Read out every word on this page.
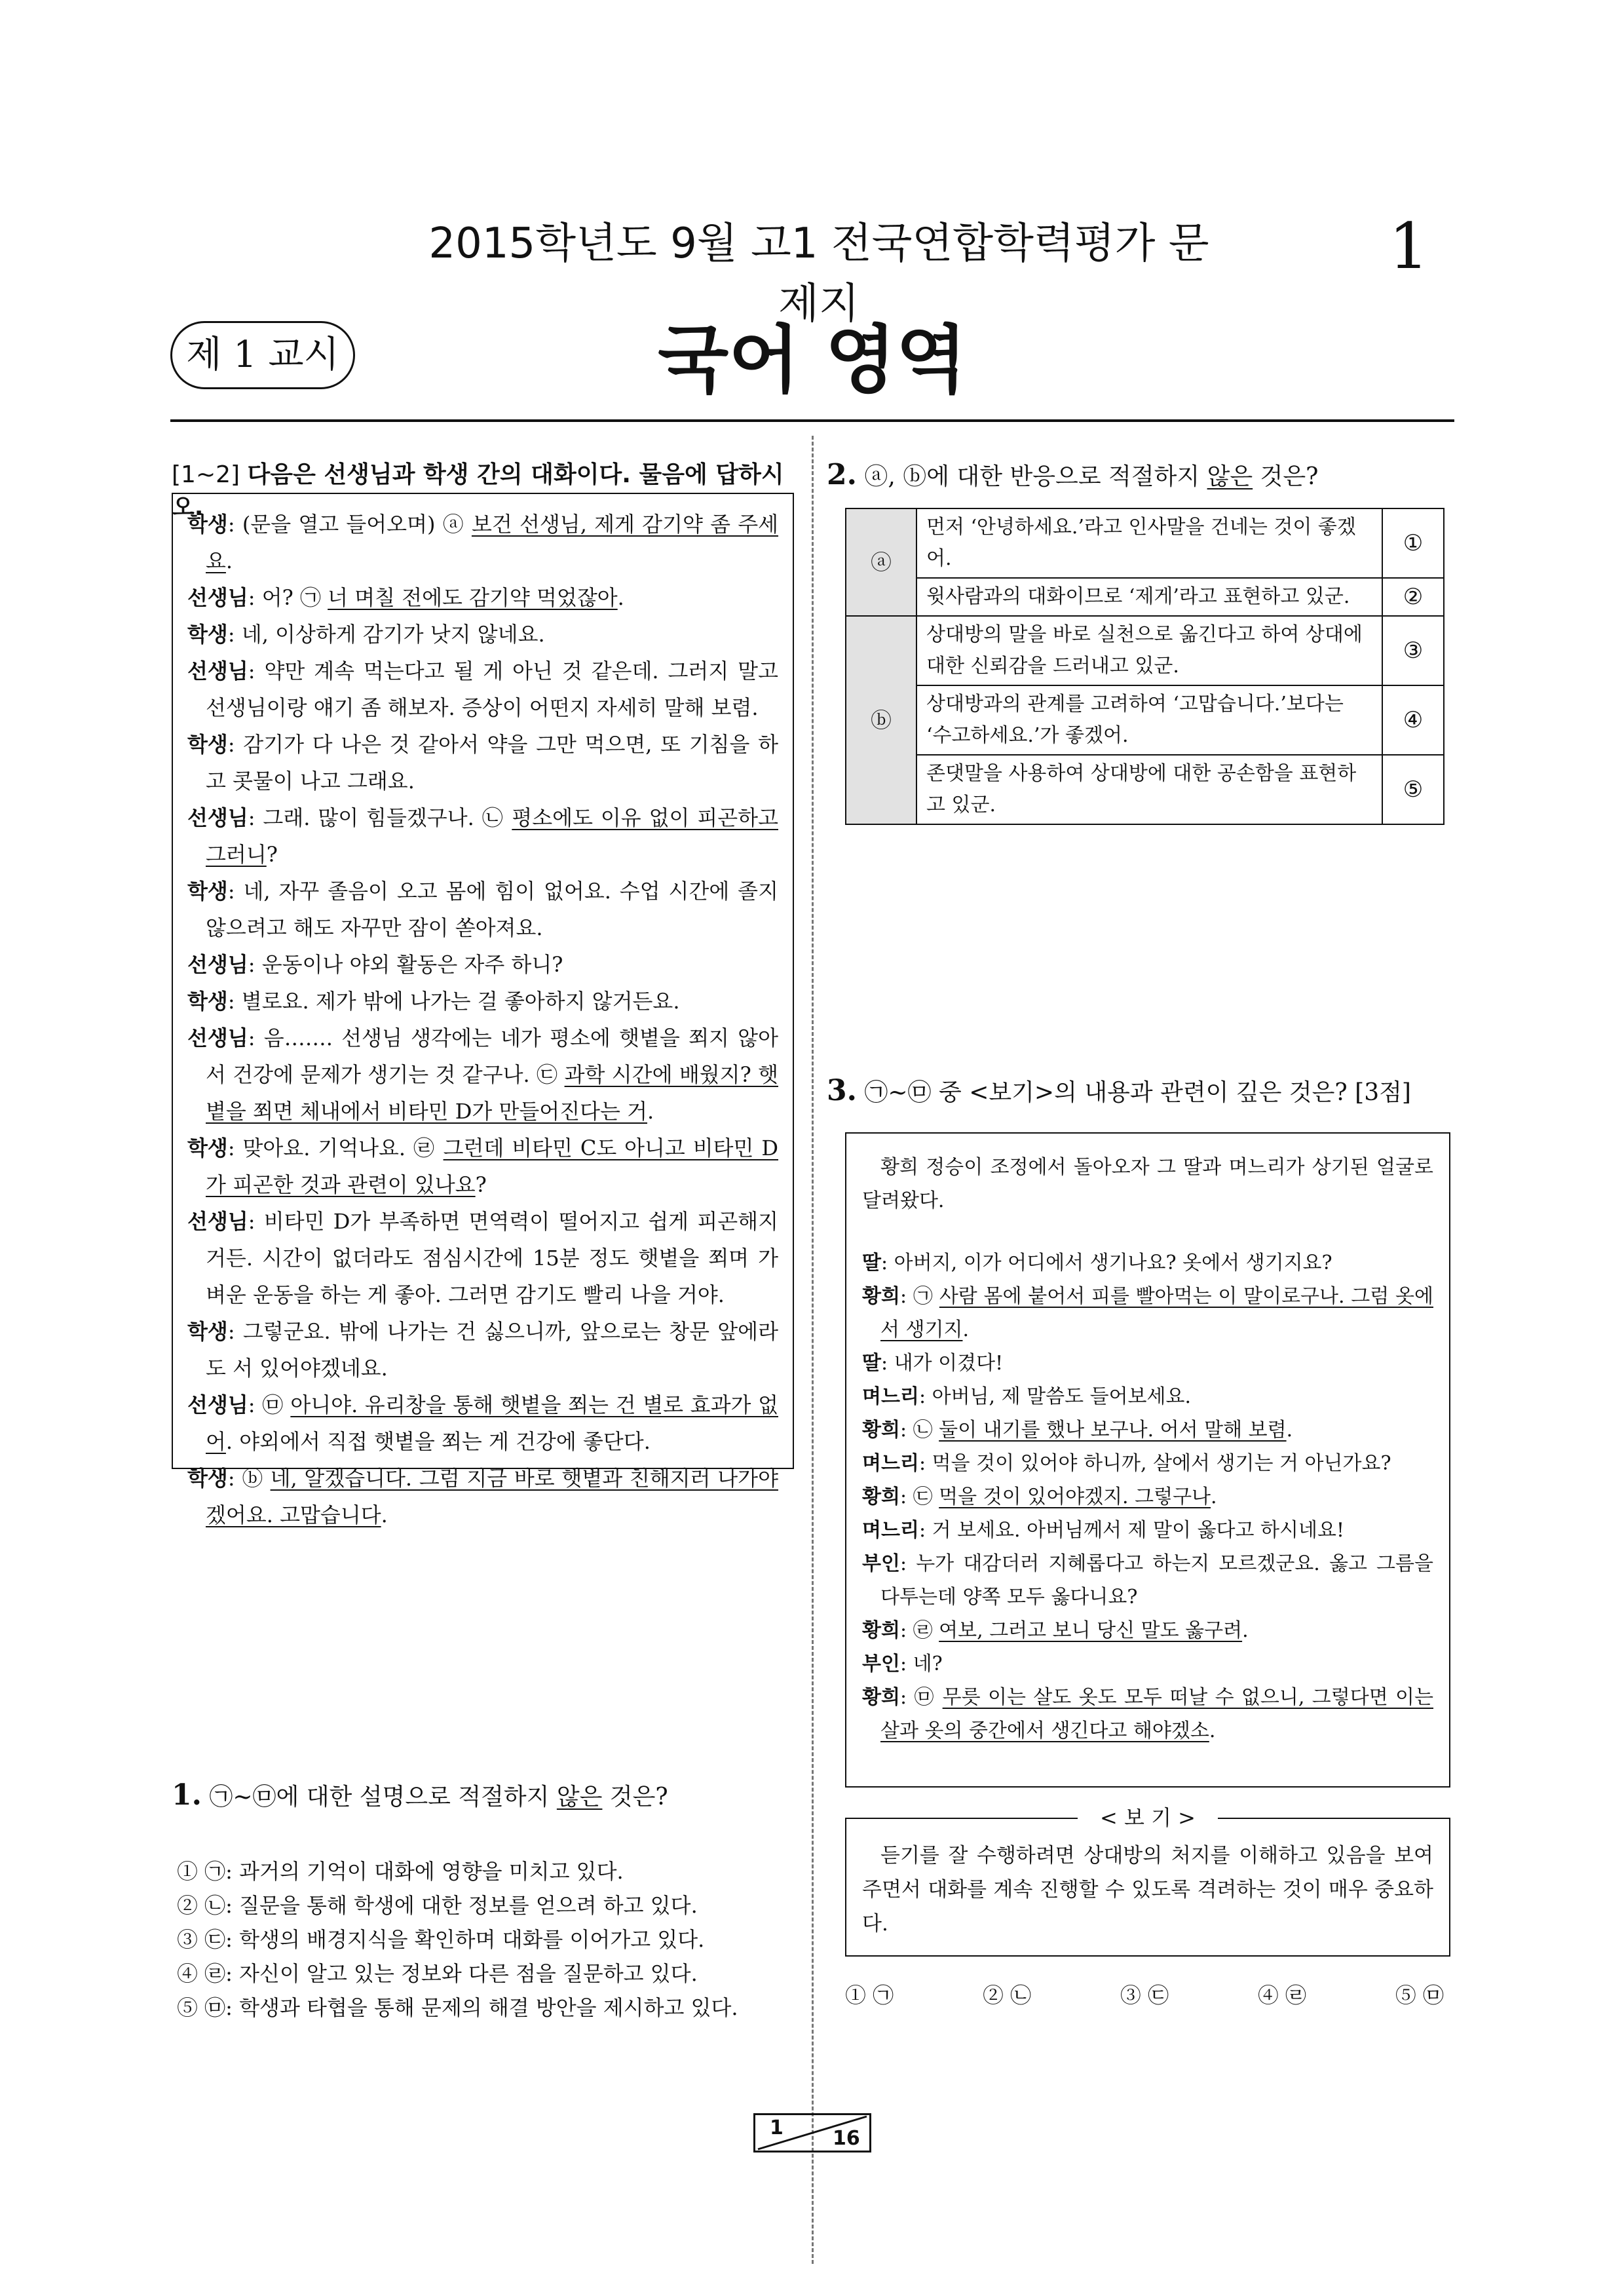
2015학년도 9월 고1 전국연합학력평가 문제지
1
제 1 교시	국어 영역
[1~2] 다음은 선생님과 학생 간의 대화이다. 물음에 답하시오.
학생: (문을 열고 들어오며) ⓐ 보건 선생님, 제게 감기약 좀 주세요.
선생님: 어? ㉠ 너 며칠 전에도 감기약 먹었잖아.
학생: 네, 이상하게 감기가 낫지 않네요.
선생님: 약만 계속 먹는다고 될 게 아닌 것 같은데. 그러지 말고 선생님이랑 얘기 좀 해보자. 증상이 어떤지 자세히 말해 보렴.
학생: 감기가 다 나은 것 같아서 약을 그만 먹으면, 또 기침을 하고 콧물이 나고 그래요.
선생님: 그래. 많이 힘들겠구나. ㉡ 평소에도 이유 없이 피곤하고 그러니?
학생: 네, 자꾸 졸음이 오고 몸에 힘이 없어요. 수업 시간에 졸지 않으려고 해도 자꾸만 잠이 쏟아져요.
선생님: 운동이나 야외 활동은 자주 하니?
학생: 별로요. 제가 밖에 나가는 걸 좋아하지 않거든요.
선생님: 음……. 선생님 생각에는 네가 평소에 햇볕을 쬐지 않아서 건강에 문제가 생기는 것 같구나. ㉢ 과학 시간에 배웠지? 햇볕을 쬐면 체내에서 비타민 D가 만들어진다는 거.
학생: 맞아요. 기억나요. ㉣ 그런데 비타민 C도 아니고 비타민 D가 피곤한 것과 관련이 있나요?
선생님: 비타민 D가 부족하면 면역력이 떨어지고 쉽게 피곤해지거든. 시간이 없더라도 점심시간에 15분 정도 햇볕을 쬐며 가벼운 운동을 하는 게 좋아. 그러면 감기도 빨리 나을 거야.
학생: 그렇군요. 밖에 나가는 건 싫으니까, 앞으로는 창문 앞에라도 서 있어야겠네요.
선생님: ㉤ 아니야. 유리창을 통해 햇볕을 쬐는 건 별로 효과가 없어. 야외에서 직접 햇볕을 쬐는 게 건강에 좋단다.
학생: ⓑ 네, 알겠습니다. 그럼 지금 바로 햇볕과 친해지러 나가야겠어요. 고맙습니다.
1. ㉠~㉤에 대한 설명으로 적절하지 않은 것은?
① ㉠: 과거의 기억이 대화에 영향을 미치고 있다.
② ㉡: 질문을 통해 학생에 대한 정보를 얻으려 하고 있다.
③ ㉢: 학생의 배경지식을 확인하며 대화를 이어가고 있다.
④ ㉣: 자신이 알고 있는 정보와 다른 점을 질문하고 있다.
⑤ ㉤: 학생과 타협을 통해 문제의 해결 방안을 제시하고 있다.
2. ⓐ, ⓑ에 대한 반응으로 적절하지 않은 것은?
ⓐ	먼저 ‘안녕하세요.’라고 인사말을 건네는 것이 좋겠어.	①
	윗사람과의 대화이므로 ‘제게’라고 표현하고 있군.	②
ⓑ	상대방의 말을 바로 실천으로 옮긴다고 하여 상대에 대한 신뢰감을 드러내고 있군.	③
	상대방과의 관계를 고려하여 ‘고맙습니다.’보다는 ‘수고하세요.’가 좋겠어.	④
	존댓말을 사용하여 상대방에 대한 공손함을 표현하고 있군.	⑤
3. ㉠~㉤ 중 <보기>의 내용과 관련이 깊은 것은? [3점]
황희 정승이 조정에서 돌아오자 그 딸과 며느리가 상기된 얼굴로 달려왔다.
딸: 아버지, 이가 어디에서 생기나요? 옷에서 생기지요?
황희: ㉠ 사람 몸에 붙어서 피를 빨아먹는 이 말이로구나. 그럼 옷에서 생기지.
딸: 내가 이겼다!
며느리: 아버님, 제 말씀도 들어보세요.
황희: ㉡ 둘이 내기를 했나 보구나. 어서 말해 보렴.
며느리: 먹을 것이 있어야 하니까, 살에서 생기는 거 아닌가요?
황희: ㉢ 먹을 것이 있어야겠지. 그렇구나.
며느리: 거 보세요. 아버님께서 제 말이 옳다고 하시네요!
부인: 누가 대감더러 지혜롭다고 하는지 모르겠군요. 옳고 그름을 다투는데 양쪽 모두 옳다니요?
황희: ㉣ 여보, 그러고 보니 당신 말도 옳구려.
부인: 네?
황희: ㉤ 무릇 이는 살도 옷도 모두 떠날 수 없으니, 그렇다면 이는 살과 옷의 중간에서 생긴다고 해야겠소.
듣기를 잘 수행하려면 상대방의 처지를 이해하고 있음을 보여주면서 대화를 계속 진행할 수 있도록 격려하는 것이 매우 중요하다.
< 보 기 >
① ㉠	② ㉡	③ ㉢	④ ㉣	⑤ ㉤
1	16
